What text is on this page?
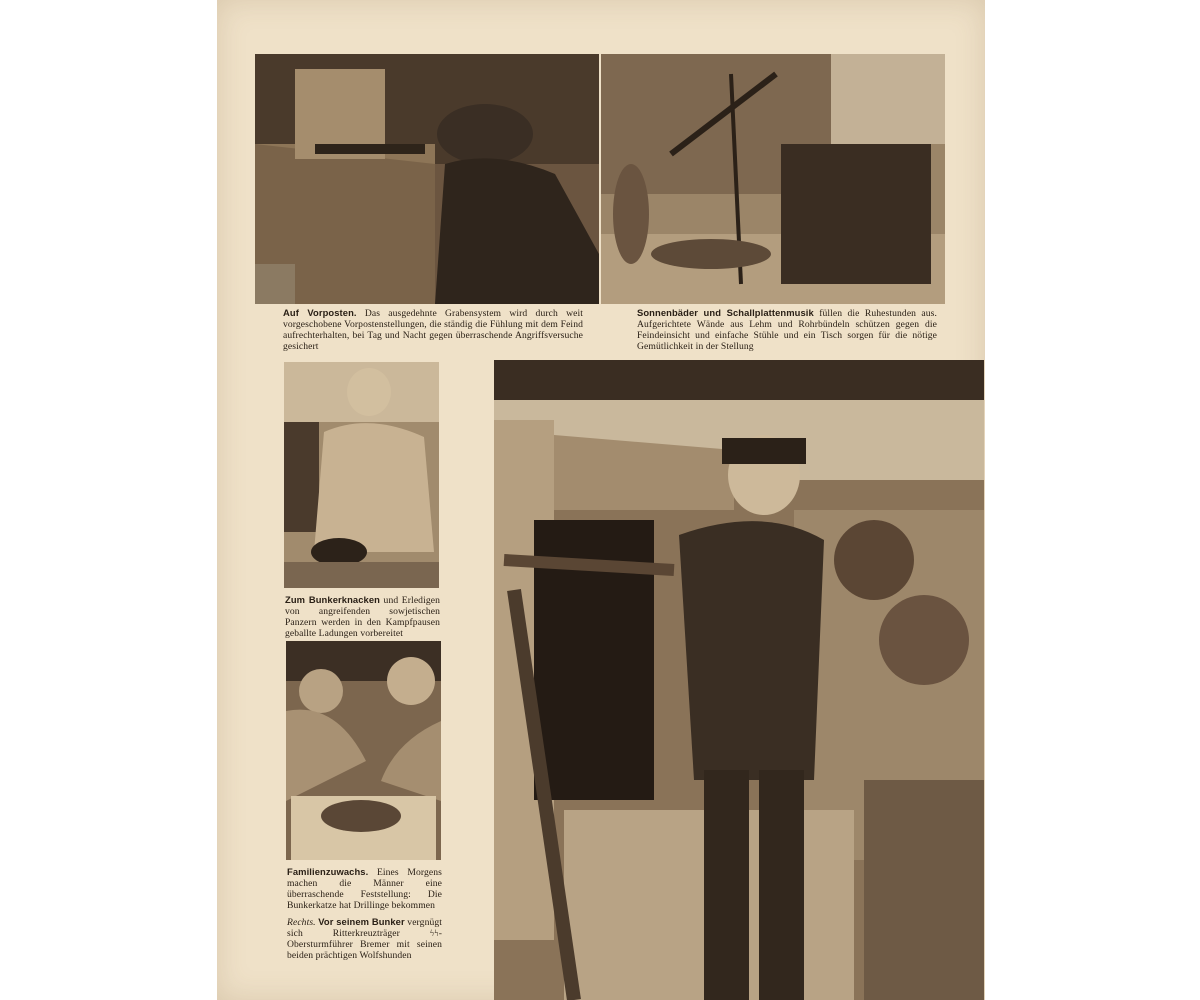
Auf Vorposten. Das ausgedehnte Grabensystem wird durch weit vorgeschobene Vorpostenstellungen, die ständig die Fühlung mit dem Feind aufrechterhalten, bei Tag und Nacht gegen überraschende Angriffsversuche gesichert

Sonnenbäder und Schallplattenmusik füllen die Ruhestunden aus. Aufgerichtete Wände aus Lehm und Rohrbündeln schützen gegen die Feindeinsicht und einfache Stühle und ein Tisch sorgen für die nötige Gemütlichkeit in der Stellung

Zum Bunkerknacken und Erledigen von angreifenden sowjetischen Panzern werden in den Kampfpausen geballte Ladungen vorbereitet

Familienzuwachs. Eines Morgens machen die Männer eine überraschende Feststellung: Die Bunkerkatze hat Drillinge bekommen

Rechts. Vor seinem Bunker vergnügt sich Ritterkreuzträger ϟϟ-Obersturmführer Bremer mit seinen beiden prächtigen Wolfshunden
